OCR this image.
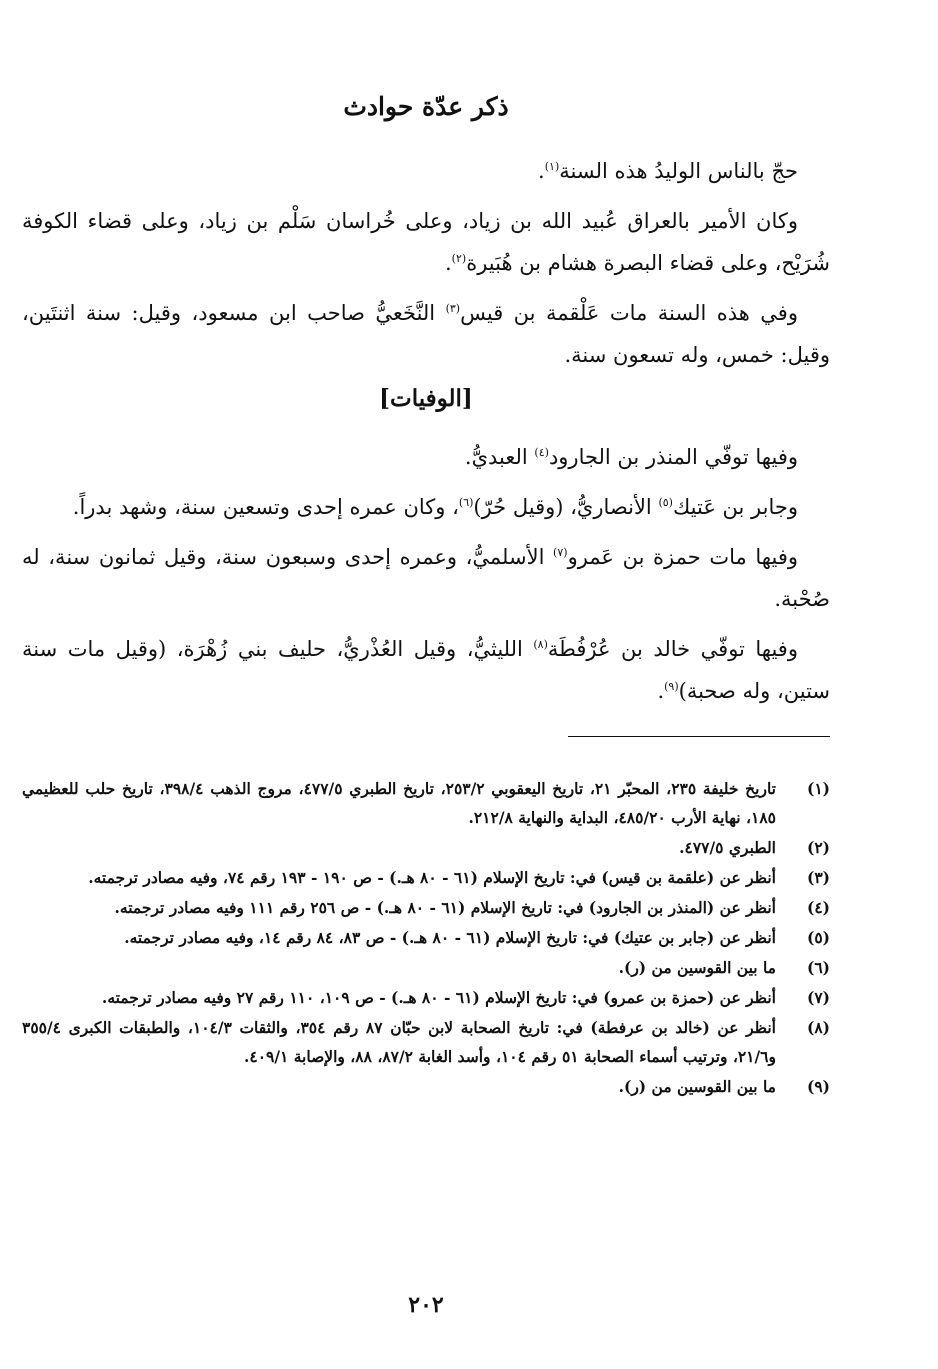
ذكر عدّة حوادث

حجّ بالناس الوليدُ هذه السنة$^{(١)}$.

وكان الأمير بالعراق عُبيد الله بن زياد، وعلى خُراسان سَلْم بن زياد، وعلى قضاء الكوفة شُرَيْح، وعلى قضاء البصرة هشام بن هُبَيرة$^{(٢)}$.

وفي هذه السنة مات عَلْقمة بن قيس$^{(٣)}$ النَّخَعيُّ صاحب ابن مسعود، وقيل: سنة اثنتَين، وقيل: خمس، وله تسعون سنة.

[الوفيات]

وفيها توفّي المنذر بن الجارود$^{(٤)}$ العبديُّ.

وجابر بن عَتيك$^{(٥)}$ الأنصاريُّ، (وقيل حُرّ)$^{(٦)}$، وكان عمره إحدى وتسعين سنة، وشهد بدراً.

وفيها مات حمزة بن عَمرو$^{(٧)}$ الأسلميُّ، وعمره إحدى وسبعون سنة، وقيل ثمانون سنة، له صُحْبة.

وفيها توفّي خالد بن عُرْفُطَة$^{(٨)}$ الليثيُّ، وقيل العُذْريُّ، حليف بني زُهْرَة، (وقيل مات سنة ستين، وله صحبة)$^{(٩)}$.

(١)
تاريخ خليفة ٢٣٥، المحبّر ٢١، تاريخ اليعقوبي ٢٥٣/٢، تاريخ الطبري ٤٧٧/٥، مروج الذهب ٣٩٨/٤، تاريخ حلب للعظيمي ١٨٥، نهاية الأرب ٤٨٥/٢٠، البداية والنهاية ٢١٢/٨.
(٢)
الطبري ٤٧٧/٥.
(٣)
أنظر عن (علقمة بن قيس) في: تاريخ الإسلام (٦١ - ٨٠ هـ.) - ص ١٩٠ - ١٩٣ رقم ٧٤، وفيه مصادر ترجمته.
(٤)
أنظر عن (المنذر بن الجارود) في: تاريخ الإسلام (٦١ - ٨٠ هـ.) - ص ٢٥٦ رقم ١١١ وفيه مصادر ترجمته.
(٥)
أنظر عن (جابر بن عتيك) في: تاريخ الإسلام (٦١ - ٨٠ هـ.) - ص ٨٣، ٨٤ رقم ١٤، وفيه مصادر ترجمته.
(٦)
ما بين القوسين من (ر).
(٧)
أنظر عن (حمزة بن عمرو) في: تاريخ الإسلام (٦١ - ٨٠ هـ.) - ص ١٠٩، ١١٠ رقم ٢٧ وفيه مصادر ترجمته.
(٨)
أنظر عن (خالد بن عرفطة) في: تاريخ الصحابة لابن حبّان ٨٧ رقم ٣٥٤، والثقات ١٠٤/٣، والطبقات الكبرى ٣٥٥/٤ و٢١/٦، وترتيب أسماء الصحابة ٥١ رقم ١٠٤، وأسد الغابة ٨٧/٢، ٨٨، والإصابة ٤٠٩/١.
(٩)
ما بين القوسين من (ر).
٢٠٢
